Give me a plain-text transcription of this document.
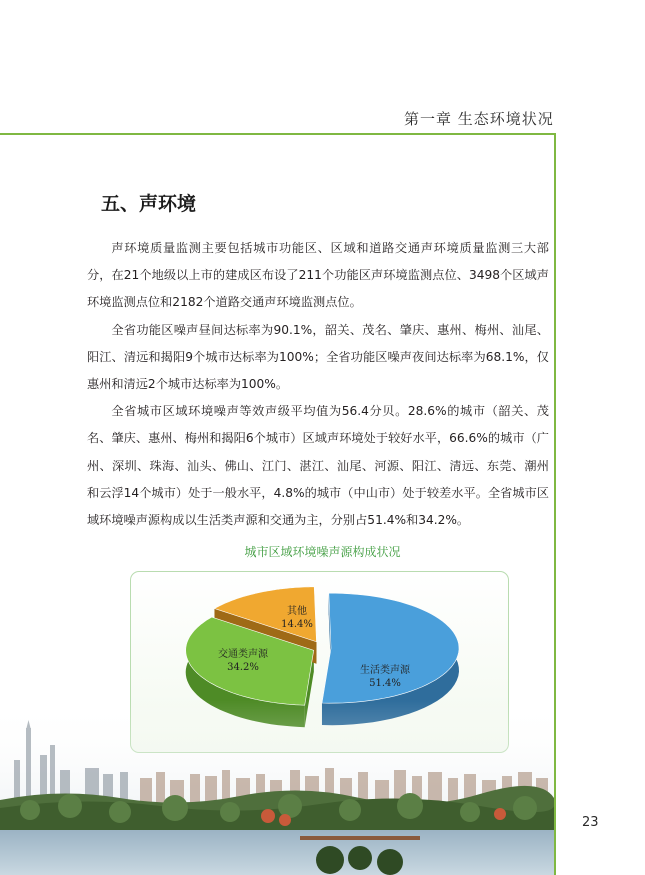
第一章 生态环境状况
五、声环境

声环境质量监测主要包括城市功能区、区域和道路交通声环境质量监测三大部分，在21个地级以上市的建成区布设了211个功能区声环境监测点位、3498个区域声环境监测点位和2182个道路交通声环境监测点位。

全省功能区噪声昼间达标率为90.1%，韶关、茂名、肇庆、惠州、梅州、汕尾、阳江、清远和揭阳9个城市达标率为100%；全省功能区噪声夜间达标率为68.1%，仅惠州和清远2个城市达标率为100%。

全省城市区域环境噪声等效声级平均值为56.4分贝。28.6%的城市（韶关、茂名、肇庆、惠州、梅州和揭阳6个城市）区域声环境处于较好水平，66.6%的城市（广州、深圳、珠海、汕头、佛山、江门、湛江、汕尾、河源、阳江、清远、东莞、潮州和云浮14个城市）处于一般水平，4.8%的城市（中山市）处于较差水平。全省城市区域环境噪声源构成以生活类声源和交通为主，分别占51.4%和34.2%。

城市区域环境噪声源构成状况
生活类声源
51.4%
交通类声源
34.2%
其他
14.4%
23
